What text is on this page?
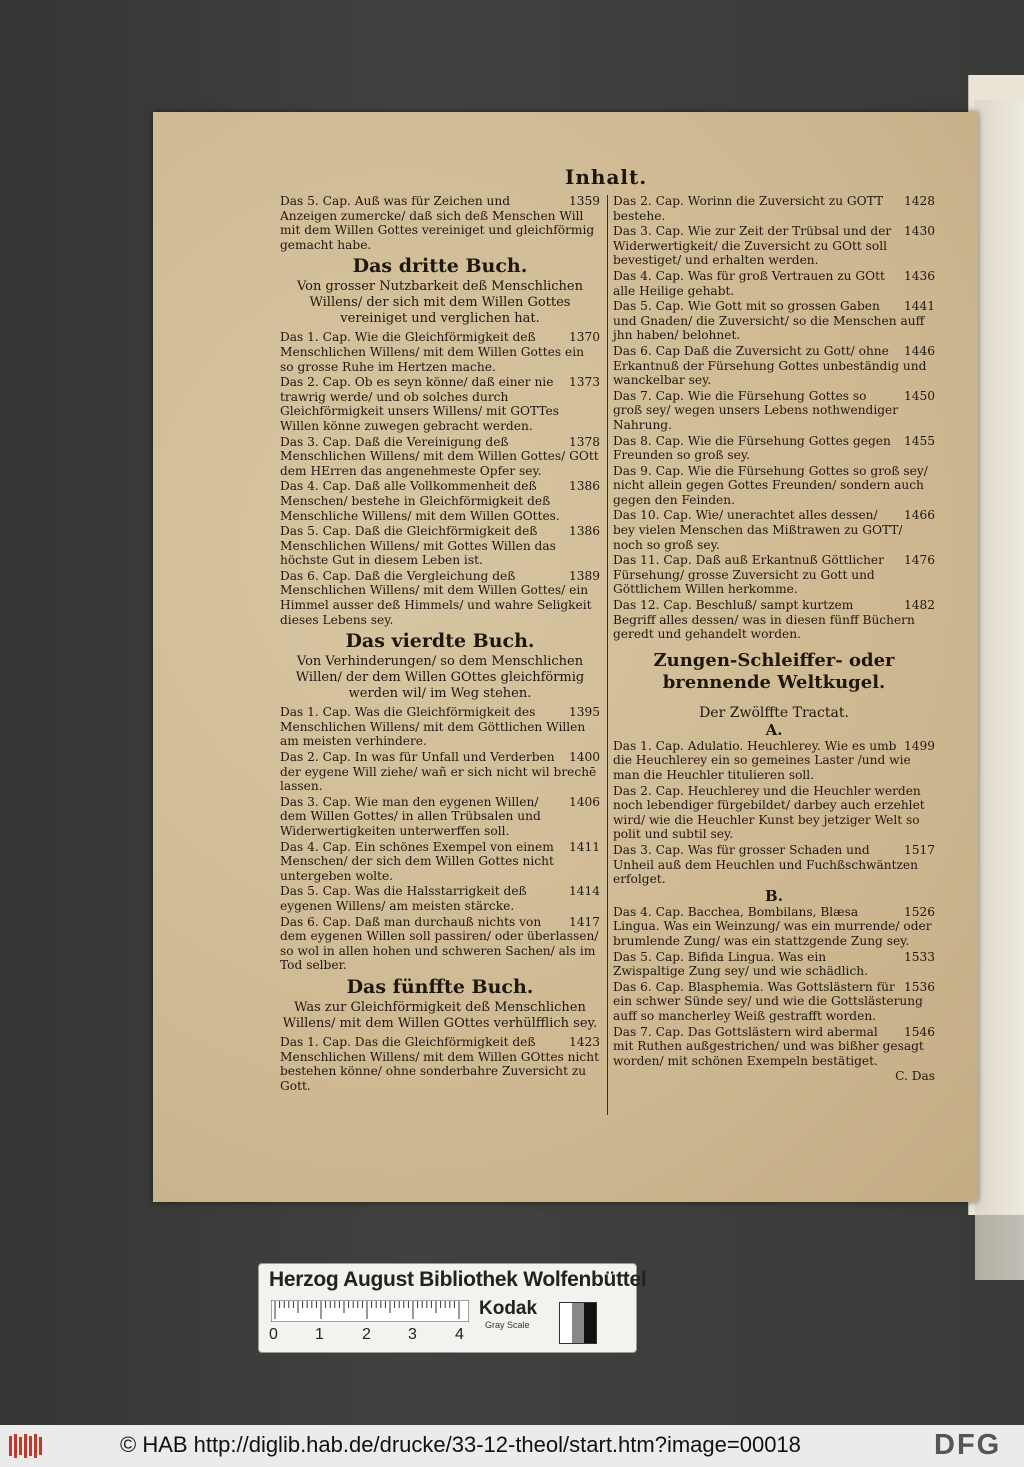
Inhalt.
1359
Das 5. Cap. Auß was für Zeichen und Anzeigen zumercke/ daß sich deß Menschen Will mit dem Willen Gottes vereiniget und gleichförmig gemacht habe.
Das dritte Buch.
Von grosser Nutzbarkeit deß Menschlichen Willens/ der sich mit dem Willen Gottes vereiniget und verglichen hat.
1370
Das 1. Cap. Wie die Gleichförmigkeit deß Menschlichen Willens/ mit dem Willen Gottes ein so grosse Ruhe im Hertzen mache.
1373
Das 2. Cap. Ob es seyn könne/ daß einer nie trawrig werde/ und ob solches durch Gleichförmigkeit unsers Willens/ mit GOTTes Willen könne zuwegen gebracht werden.
1378
Das 3. Cap. Daß die Vereinigung deß Menschlichen Willens/ mit dem Willen Gottes/ GOtt dem HErren das angenehmeste Opfer sey.
1386
Das 4. Cap. Daß alle Vollkommenheit deß Menschen/ bestehe in Gleichförmigkeit deß Menschliche Willens/ mit dem Willen GOttes.
1386
Das 5. Cap. Daß die Gleichförmigkeit deß Menschlichen Willens/ mit Gottes Willen das höchste Gut in diesem Leben ist.
1389
Das 6. Cap. Daß die Vergleichung deß Menschlichen Willens/ mit dem Willen Gottes/ ein Himmel ausser deß Himmels/ und wahre Seligkeit dieses Lebens sey.
Das vierdte Buch.
Von Verhinderungen/ so dem Menschlichen Willen/ der dem Willen GOttes gleichförmig werden wil/ im Weg stehen.
1395
Das 1. Cap. Was die Gleichförmigkeit des Menschlichen Willens/ mit dem Göttlichen Willen am meisten verhindere.
1400
Das 2. Cap. In was für Unfall und Verderben der eygene Will ziehe/ wañ er sich nicht wil brechē lassen.
1406
Das 3. Cap. Wie man den eygenen Willen/ dem Willen Gottes/ in allen Trübsalen und Widerwertigkeiten unterwerffen soll.
1411
Das 4. Cap. Ein schönes Exempel von einem Menschen/ der sich dem Willen Gottes nicht untergeben wolte.
1414
Das 5. Cap. Was die Halsstarrigkeit deß eygenen Willens/ am meisten stärcke.
1417
Das 6. Cap. Daß man durchauß nichts von dem eygenen Willen soll passiren/ oder überlassen/ so wol in allen hohen und schweren Sachen/ als im Tod selber.
Das fünffte Buch.
Was zur Gleichförmigkeit deß Menschlichen Willens/ mit dem Willen GOttes verhülfflich sey.
1423
Das 1. Cap. Das die Gleichförmigkeit deß Menschlichen Willens/ mit dem Willen GOttes nicht bestehen könne/ ohne sonderbahre Zuversicht zu Gott.
1428
Das 2. Cap. Worinn die Zuversicht zu GOTT bestehe.
1430
Das 3. Cap. Wie zur Zeit der Trübsal und der Widerwertigkeit/ die Zuversicht zu GOtt soll bevestiget/ und erhalten werden.
1436
Das 4. Cap. Was für groß Vertrauen zu GOtt alle Heilige gehabt.
1441
Das 5. Cap. Wie Gott mit so grossen Gaben und Gnaden/ die Zuversicht/ so die Menschen auff jhn haben/ belohnet.
1446
Das 6. Cap Daß die Zuversicht zu Gott/ ohne Erkantnuß der Fürsehung Gottes unbeständig und wanckelbar sey.
1450
Das 7. Cap. Wie die Fürsehung Gottes so groß sey/ wegen unsers Lebens nothwendiger Nahrung.
1455
Das 8. Cap. Wie die Fürsehung Gottes gegen Freunden so groß sey.
Das 9. Cap. Wie die Fürsehung Gottes so groß sey/ nicht allein gegen Gottes Freunden/ sondern auch gegen den Feinden.
1466
Das 10. Cap. Wie/ unerachtet alles dessen/ bey vielen Menschen das Mißtrawen zu GOTT/ noch so groß sey.
1476
Das 11. Cap. Daß auß Erkantnuß Göttlicher Fürsehung/ grosse Zuversicht zu Gott und Göttlichem Willen herkomme.
1482
Das 12. Cap. Beschluß/ sampt kurtzem Begriff alles dessen/ was in diesen fünff Büchern geredt und gehandelt worden.
Zungen-Schleiffer- oder brennende Weltkugel.
Der Zwölffte Tractat.
A.
1499
Das 1. Cap. Adulatio. Heuchlerey. Wie es umb die Heuchlerey ein so gemeines Laster /und wie man die Heuchler titulieren soll.
Das 2. Cap. Heuchlerey und die Heuchler werden noch lebendiger fürgebildet/ darbey auch erzehlet wird/ wie die Heuchler Kunst bey jetziger Welt so polit und subtil sey.
1517
Das 3. Cap. Was für grosser Schaden und Unheil auß dem Heuchlen und Fuchßschwäntzen erfolget.
B.
1526
Das 4. Cap. Bacchea, Bombilans, Blæsa Lingua. Was ein Weinzung/ was ein murrende/ oder brumlende Zung/ was ein stattzgende Zung sey.
1533
Das 5. Cap. Bifida Lingua. Was ein Zwispaltige Zung sey/ und wie schädlich.
1536
Das 6. Cap. Blasphemia. Was Gottslästern für ein schwer Sünde sey/ und wie die Gottslästerung auff so mancherley Weiß gestrafft worden.
1546
Das 7. Cap. Das Gottslästern wird abermal mit Ruthen außgestrichen/ und was bißher gesagt worden/ mit schönen Exempeln bestätiget.
C. Das
Herzog August Bibliothek Wolfenbüttel
0 1 2 3 4
Kodak
Gray Scale
© HAB http://diglib.hab.de/drucke/33-12-theol/start.htm?image=00018	DFG
